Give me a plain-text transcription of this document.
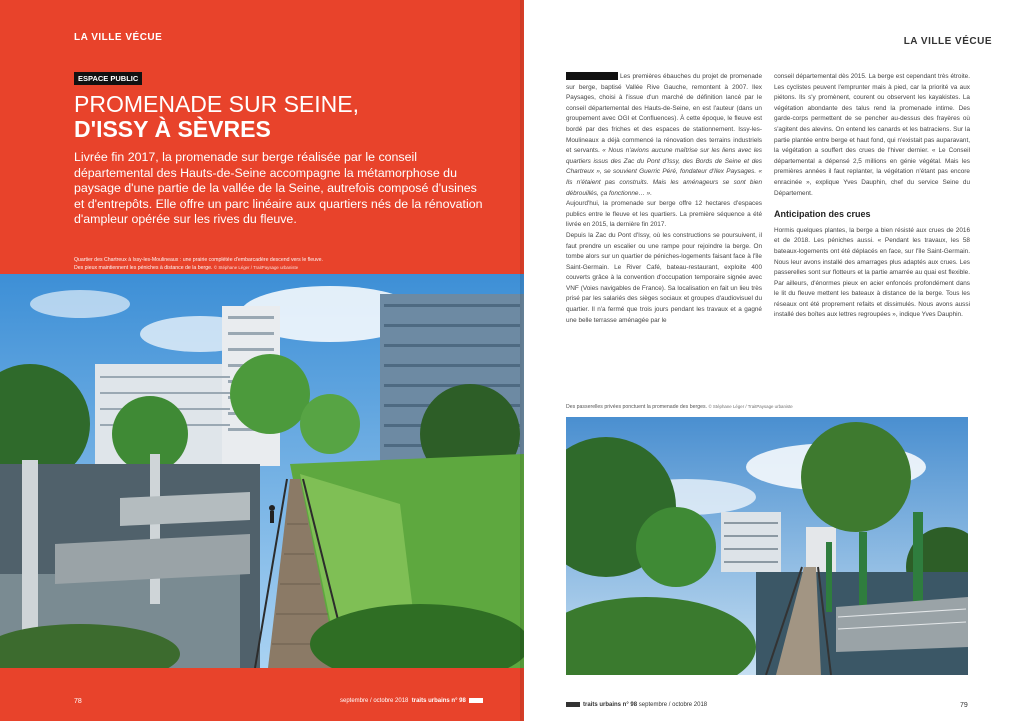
LA VILLE VÉCUE
ESPACE PUBLIC
PROMENADE SUR SEINE,
D'ISSY À SÈVRES
Livrée fin 2017, la promenade sur berge réalisée par le conseil départemental des Hauts-de-Seine accompagne la métamorphose du paysage d'une partie de la vallée de la Seine, autrefois composé d'usines et d'entrepôts. Elle offre un parc linéaire aux quartiers nés de la rénovation d'ampleur opérée sur les rives du fleuve.
Quartier des Chartreux à Issy-les-Moulineaux : une prairie complétée d'embarcadère descend vers le fleuve.
Des pieux maintiennent les péniches à distance de la berge. © Stéphane Léger / TraitPaysage urbaniste
78	septembre / octobre 2018 traits urbains n° 98
LA VILLE VÉCUE

Les premières ébauches du projet de promenade sur berge, baptisé Vallée Rive Gauche, remontent à 2007. Ilex Paysages, choisi à l'issue d'un marché de définition lancé par le conseil départemental des Hauts-de-Seine, en est l'auteur (dans un groupement avec OGI et Confluences). À cette époque, le fleuve est bordé par des friches et des espaces de stationnement. Issy-les-Moulineaux a déjà commencé la rénovation des terrains industriels et servants. « Nous n'avions aucune maîtrise sur les liens avec les quartiers issus des Zac du Pont d'Issy, des Bords de Seine et des Chartreux », se souvient Guerric Péré, fondateur d'Ilex Paysages. « Ils n'étaient pas construits. Mais les aménageurs se sont bien débrouillés, ça fonctionne… ».

Aujourd'hui, la promenade sur berge offre 12 hectares d'espaces publics entre le fleuve et les quartiers. La première séquence a été livrée en 2015, la dernière fin 2017.

Depuis la Zac du Pont d'Issy, où les constructions se poursuivent, il faut prendre un escalier ou une rampe pour rejoindre la berge. On tombe alors sur un quartier de péniches-logements faisant face à l'île Saint-Germain. Le River Café, bateau-restaurant, exploite 400 couverts grâce à la convention d'occupation temporaire signée avec VNF (Voies navigables de France). Sa localisation en fait un lieu très prisé par les salariés des sièges sociaux et groupes d'audiovisuel du quartier. Il n'a fermé que trois jours pendant les travaux et a gagné une belle terrasse aménagée par le

conseil départemental dès 2015. La berge est cependant très étroite. Les cyclistes peuvent l'emprunter mais à pied, car la priorité va aux piétons. Ils s'y promènent, courent ou observent les kayakistes. La végétation abondante des talus rend la promenade intime. Des garde-corps permettent de se pencher au-dessus des frayères où s'agitent des alevins. On entend les canards et les batraciens. Sur la partie plantée entre berge et haut fond, qui n'existait pas auparavant, la végétation a souffert des crues de l'hiver dernier. « Le Conseil départemental a dépensé 2,5 millions en génie végétal. Mais les premières années il faut replanter, la végétation n'étant pas encore enracinée », explique Yves Dauphin, chef du service Seine du Département.

Anticipation des crues

Hormis quelques plantes, la berge a bien résisté aux crues de 2016 et de 2018. Les péniches aussi. « Pendant les travaux, les 58 bateaux-logements ont été déplacés en face, sur l'île Saint-Germain. Nous leur avons installé des amarrages plus adaptés aux crues. Les passerelles sont sur flotteurs et la partie amarrée au quai est flexible. Par ailleurs, d'énormes pieux en acier enfoncés profondément dans le lit du fleuve mettent les bateaux à distance de la berge. Tous les réseaux ont été proprement refaits et dissimulés. Nous avons aussi installé des boîtes aux lettres regroupées », indique Yves Dauphin.

Des passerelles privées ponctuent la promenade des berges. © Stéphane Léger / TraitPaysage urbaniste
traits urbains n° 98 septembre / octobre 2018	79
